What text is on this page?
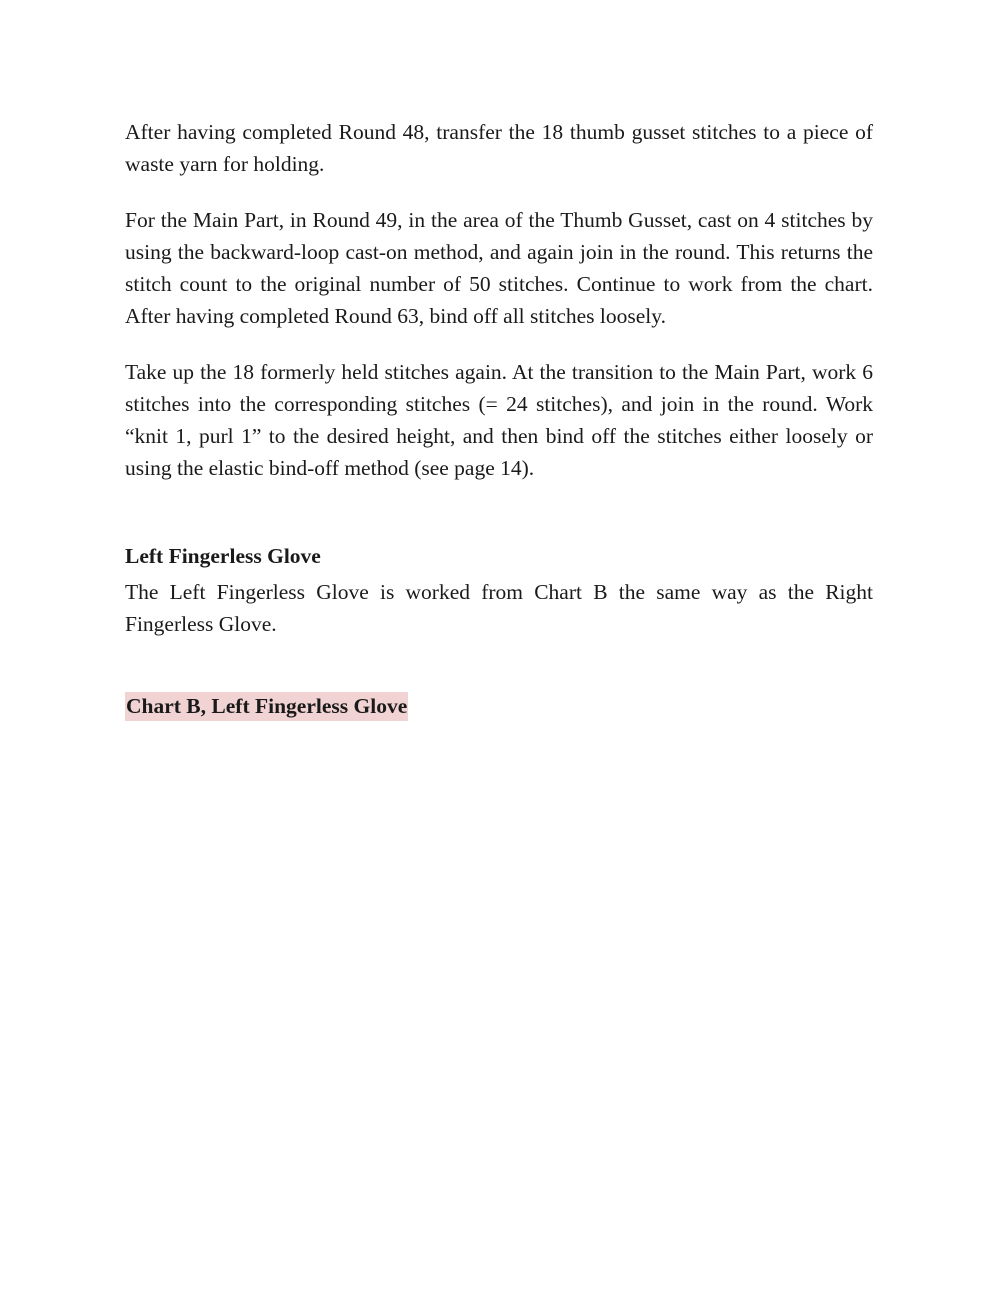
After having completed Round 48, transfer the 18 thumb gusset stitches to a piece of waste yarn for holding.

For the Main Part, in Round 49, in the area of the Thumb Gusset, cast on 4 stitches by using the backward-loop cast-on method, and again join in the round. This returns the stitch count to the original number of 50 stitches. Continue to work from the chart. After having completed Round 63, bind off all stitches loosely.

Take up the 18 formerly held stitches again. At the transition to the Main Part, work 6 stitches into the corresponding stitches (= 24 stitches), and join in the round. Work “knit 1, purl 1” to the desired height, and then bind off the stitches either loosely or using the elastic bind-off method (see page 14).

Left Fingerless Glove

The Left Fingerless Glove is worked from Chart B the same way as the Right Fingerless Glove.

Chart B, Left Fingerless Glove
